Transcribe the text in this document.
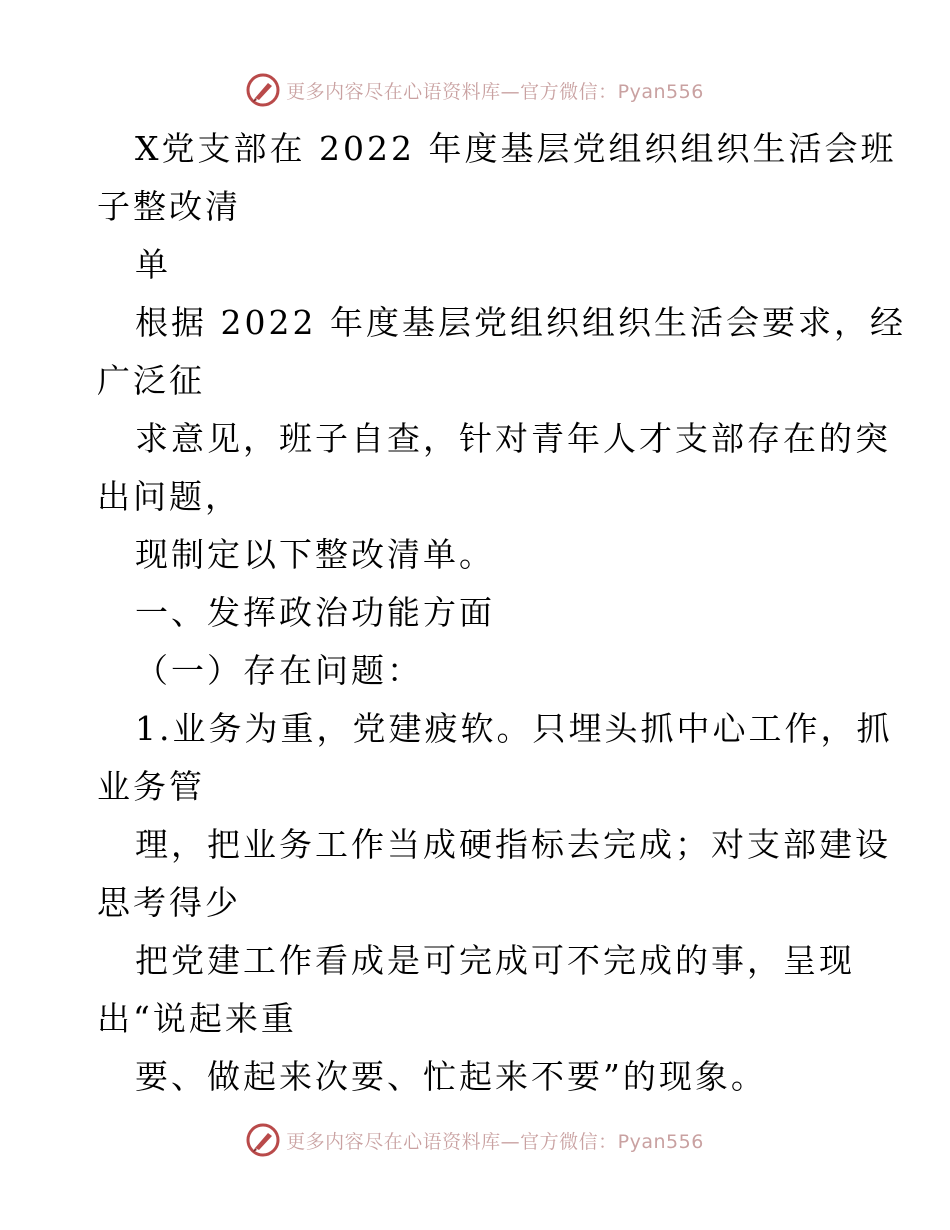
更多内容尽在心语资料库—官方微信：Pyan556
X党支部在 2022 年度基层党组织组织生活会班
子整改清
单
根据 2022 年度基层党组织组织生活会要求，经
广泛征
求意见，班子自查，针对青年人才支部存在的突
出问题，
现制定以下整改清单。
一、发挥政治功能方面
（一）存在问题：
1.业务为重，党建疲软。只埋头抓中心工作，抓
业务管
理，把业务工作当成硬指标去完成；对支部建设
思考得少
把党建工作看成是可完成可不完成的事，呈现
出“说起来重
要、做起来次要、忙起来不要”的现象。
更多内容尽在心语资料库—官方微信：Pyan556
